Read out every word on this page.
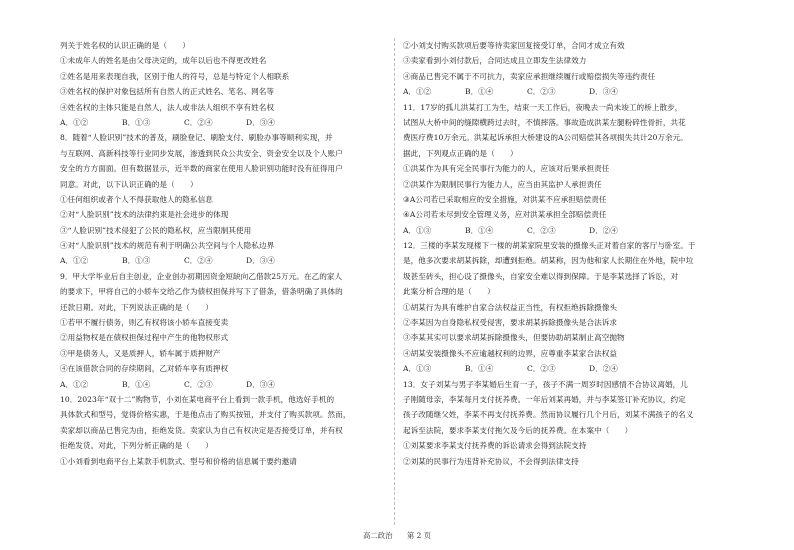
列关于姓名权的认识正确的是（　　）
①未成年人的姓名是由父母决定的，成年以后也不得更改姓名
②姓名是用来表现自我，区别于他人的符号，总是与特定个人相联系
③姓名权的保护对象包括所有自然人的正式姓名、笔名、网名等
④姓名权的主体只能是自然人，法人或非法人组织不享有姓名权
A．①②	B．①③	C．②④	D．③④
8．随着“人脸识别”技术的普及，刷脸登记、刷脸支付、刷脸办事等顺利实现，并
与互联网、高新科技等行业同步发展，渗透到民众公共安全、资金安全以及个人账户
安全的方方面面。但有数据显示，近半数的商家在使用人脸识别功能时没有征得用户
同意。对此，以下认识正确的是（　　）
①任何组织或者个人不得获取他人的隐私信息
②对“人脸识别”技术的法律约束是社会进步的体现
③“人脸识别”技术侵犯了公民的隐私权，应当限制其使用
④对“人脸识别”技术的规范有利于明确公共空间与个人隐私边界
A．①②	B．①③	C．②④	D．③④
9．甲大学毕业后自主创业，企业创办初期因资金短缺向乙借款25万元。在乙的家人
的要求下，甲将自己的小轿车交给乙作为债权担保并写下了借条，借条明确了具体的
还款日期。对此，下列说法正确的是（　　）
①若甲不履行债务，则乙有权将该小轿车直接变卖
②用益物权是在债权担保过程中产生的他物权形式
③甲是债务人，又是质押人，轿车属于质押财产
④在该借款合同的存续期间，乙对轿车享有质押权
A．①②	B．①④	C．②③	D．③④
10．2023年“双十二”购物节，小刘在某电商平台上看到一款手机，他选好手机的
具体款式和型号，觉得价格实惠，于是他点击了购买按钮，并支付了购买款项。然而，
卖家却以商品已售完为由，拒绝发货。卖家认为自己有权决定是否接受订单，并有权
拒绝发货。对此，下列分析正确的是（　　）
①小刘看到电商平台上某款手机款式、型号和价格的信息属于要约邀请
②小刘支付购买款项后要等待卖家回复接受订单，合同才成立有效
③卖家看到小刘付款后，合同达成且立即发生法律效力
④商品已售完不属于不可抗力，卖家应承担继续履行或赔偿损失等违约责任
A．①②	B．①④	C．②③	D．③④
11．17岁的孤儿洪某打工为生，结束一天工作后，夜晚去一尚未竣工的桥上散步，
试图从大桥中间的缝隙横跨过去时，不慎摔落。事故造成洪某左腿粉碎性骨折，共花
费医疗费10万余元。洪某起诉承担大桥建设的A公司赔偿其各项损失共计20万余元。
据此，下列观点正确的是（　　）
①洪某作为具有完全民事行为能力的人，应该对后果承担责任
②洪某作为限制民事行为能力人，应当由其监护人承担责任
③A公司若已采取相应的安全措施，对洪某不应承担赔偿责任
④A公司若未尽到安全管理义务，应对洪某承担全部赔偿责任
A．①③	B．①④	C．②③	D．②④
12．三楼的李某发现楼下一楼的胡某家院里安装的摄像头正对着自家的客厅与卧室。于
是，他多次要求胡某拆除，却遭到拒绝。胡某称，因为他和家人长期住在外地，院中垃
圾甚至砖头，担心设了摄像头，自家安全难以得到保障。于是李某选择了诉讼，对
此案分析合理的是（　　）
①胡某行为具有维护自家合法权益正当性，有权拒绝拆除摄像头
②李某因为自身隐私权受侵害，要求胡某拆除摄像头是合法诉求
③李某其实可以要求胡某拆除摄像头，但要协助胡某制止高空抛物
④胡某安装摄像头不应逾越权利的边界，应尊重李某家合法权益
A．①③	B．①④	C．②③	D．②④
13．女子刘某与男子李某婚后生育一子，孩子不满一周岁时因感情不合协议离婚，儿
子刚随母亲，李某每月支付抚养费。一年后刘某再婚，并与李某签订补充协议，约定
孩子改随继父姓，李某不再支付抚养费。然而协议履行几个月后，刘某不满孩子的名义
起诉至法院，要求李某支付拖欠及今后的抚养费。在本案中（　　）
①刘某要求李某支付抚养费的诉讼请求会得到法院支持
②刘某的民事行为违背补充协议，不会得到法律支持
高二政治 第 2 页
